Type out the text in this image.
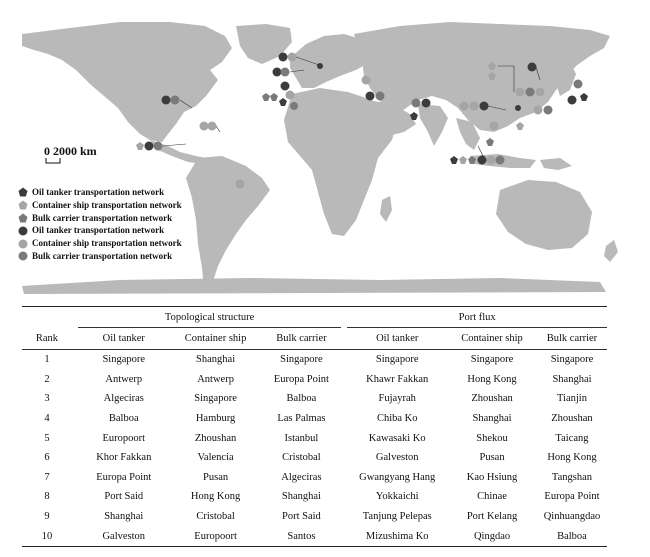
0 2000 km
Oil tanker transportation network
Container ship transportation network
Bulk carrier transportation network
Oil tanker transportation network
Container ship transportation network
Bulk carrier transportation network
		Topological structure				Port flux		
Rank		Oil tanker	Container ship	Bulk carrier		Oil tanker	Container ship	Bulk carrier
1		Singapore	Shanghai	Singapore		Singapore	Singapore	Singapore
2		Antwerp	Antwerp	Europa Point		Khawr Fakkan	Hong Kong	Shanghai
3		Algeciras	Singapore	Balboa		Fujayrah	Zhoushan	Tianjin
4		Balboa	Hamburg	Las Palmas		Chiba Ko	Shanghai	Zhoushan
5		Europoort	Zhoushan	Istanbul		Kawasaki Ko	Shekou	Taicang
6		Khor Fakkan	Valencia	Cristobal		Galveston	Pusan	Hong Kong
7		Europa Point	Pusan	Algeciras		Gwangyang Hang	Kao Hsiung	Tangshan
8		Port Said	Hong Kong	Shanghai		Yokkaichi	Chinae	Europa Point
9		Shanghai	Cristobal	Port Said		Tanjung Pelepas	Port Kelang	Qinhuangdao
10		Galveston	Europoort	Santos		Mizushima Ko	Qingdao	Balboa
